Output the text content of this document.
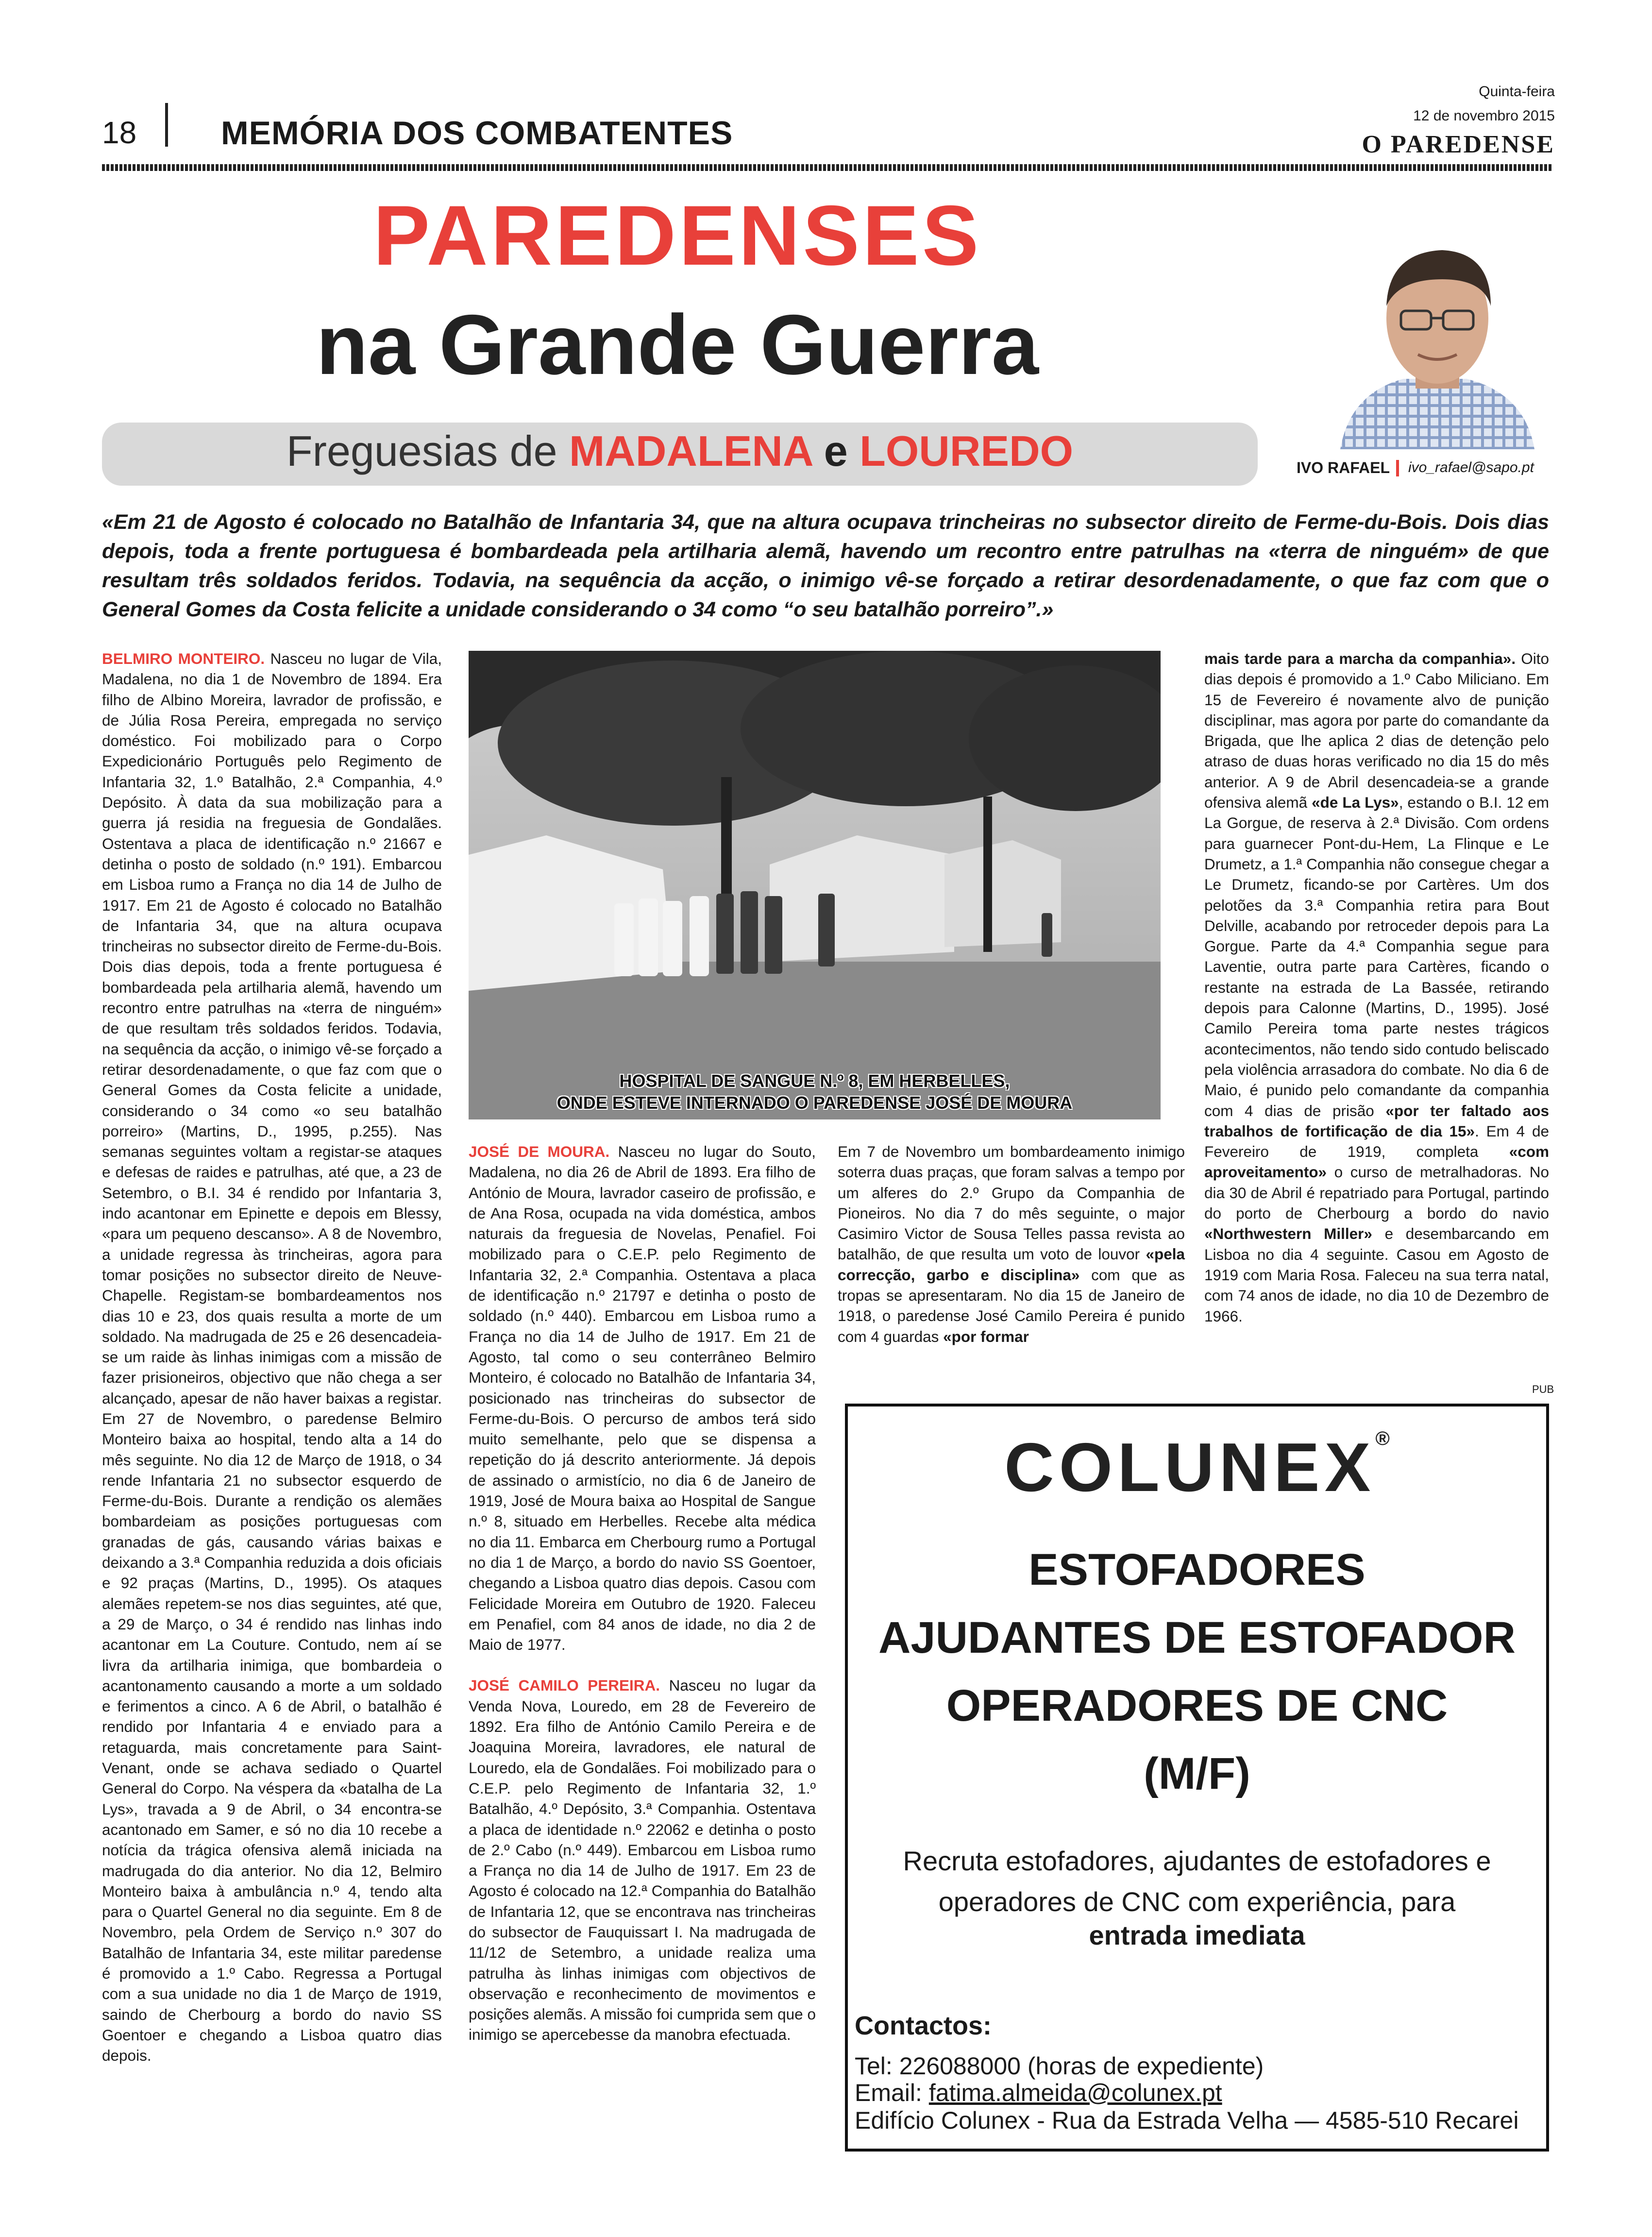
18	MEMÓRIA DOS COMBATENTES
Quinta-feira
12 de novembro 2015
O PAREDENSE
PAREDENSES
na Grande Guerra
Freguesias de MADALENA e LOUREDO	IVO RAFAEL ivo_rafael@sapo.pt
«Em 21 de Agosto é colocado no Batalhão de Infantaria 34, que na altura ocupava trincheiras no subsector direito de Ferme-du-Bois. Dois dias depois, toda a frente portuguesa é bombardeada pela artilharia alemã, havendo um recontro entre patrulhas na «terra de ninguém» de que resultam três soldados feridos. Todavia, na sequência da acção, o inimigo vê-se forçado a retirar desordenadamente, o que faz com que o General Gomes da Costa felicite a unidade considerando o 34 como “o seu batalhão porreiro”.»

BELMIRO MONTEIRO. Nasceu no lugar de Vila, Madalena, no dia 1 de Novembro de 1894. Era filho de Albino Moreira, lavrador de profissão, e de Júlia Rosa Pereira, empregada no serviço doméstico. Foi mobilizado para o Corpo Expedicionário Português pelo Regimento de Infantaria 32, 1.º Batalhão, 2.ª Companhia, 4.º Depósito. À data da sua mobilização para a guerra já residia na freguesia de Gondalães. Ostentava a placa de identificação n.º 21667 e detinha o posto de soldado (n.º 191). Embarcou em Lisboa rumo a França no dia 14 de Julho de 1917. Em 21 de Agosto é colocado no Batalhão de Infantaria 34, que na altura ocupava trincheiras no subsector direito de Ferme-du-Bois. Dois dias depois, toda a frente portuguesa é bombardeada pela artilharia alemã, havendo um recontro entre patrulhas na «terra de ninguém» de que resultam três soldados feridos. Todavia, na sequência da acção, o inimigo vê-se forçado a retirar desordenadamente, o que faz com que o General Gomes da Costa felicite a unidade, considerando o 34 como «o seu batalhão porreiro» (Martins, D., 1995, p.255). Nas semanas seguintes voltam a registar-se ataques e defesas de raides e patrulhas, até que, a 23 de Setembro, o B.I. 34 é rendido por Infantaria 3, indo acantonar em Epinette e depois em Blessy, «para um pequeno descanso». A 8 de Novembro, a unidade regressa às trincheiras, agora para tomar posições no subsector direito de Neuve-Chapelle. Registam-se bombardeamentos nos dias 10 e 23, dos quais resulta a morte de um soldado. Na madrugada de 25 e 26 desencadeia-se um raide às linhas inimigas com a missão de fazer prisioneiros, objectivo que não chega a ser alcançado, apesar de não haver baixas a registar. Em 27 de Novembro, o paredense Belmiro Monteiro baixa ao hospital, tendo alta a 14 do mês seguinte. No dia 12 de Março de 1918, o 34 rende Infantaria 21 no subsector esquerdo de Ferme-du-Bois. Durante a rendição os alemães bombardeiam as posições portuguesas com granadas de gás, causando várias baixas e deixando a 3.ª Companhia reduzida a dois oficiais e 92 praças (Martins, D., 1995). Os ataques alemães repetem-se nos dias seguintes, até que, a 29 de Março, o 34 é rendido nas linhas indo acantonar em La Couture. Contudo, nem aí se livra da artilharia inimiga, que bombardeia o acantonamento causando a morte a um soldado e ferimentos a cinco. A 6 de Abril, o batalhão é rendido por Infantaria 4 e enviado para a retaguarda, mais concretamente para Saint-Venant, onde se achava sediado o Quartel General do Corpo. Na véspera da «batalha de La Lys», travada a 9 de Abril, o 34 encontra-se acantonado em Samer, e só no dia 10 recebe a notícia da trágica ofensiva alemã iniciada na madrugada do dia anterior. No dia 12, Belmiro Monteiro baixa à ambulância n.º 4, tendo alta para o Quartel General no dia seguinte. Em 8 de Novembro, pela Ordem de Serviço n.º 307 do Batalhão de Infantaria 34, este militar paredense é promovido a 1.º Cabo. Regressa a Portugal com a sua unidade no dia 1 de Março de 1919, saindo de Cherbourg a bordo do navio SS Goentoer e chegando a Lisboa quatro dias depois.

HOSPITAL DE SANGUE N.º 8, EM HERBELLES,
ONDE ESTEVE INTERNADO O PAREDENSE JOSÉ DE MOURA

JOSÉ DE MOURA. Nasceu no lugar do Souto, Madalena, no dia 26 de Abril de 1893. Era filho de António de Moura, lavrador caseiro de profissão, e de Ana Rosa, ocupada na vida doméstica, ambos naturais da freguesia de Novelas, Penafiel. Foi mobilizado para o C.E.P. pelo Regimento de Infantaria 32, 2.ª Companhia. Ostentava a placa de identificação n.º 21797 e detinha o posto de soldado (n.º 440). Embarcou em Lisboa rumo a França no dia 14 de Julho de 1917. Em 21 de Agosto, tal como o seu conterrâneo Belmiro Monteiro, é colocado no Batalhão de Infantaria 34, posicionado nas trincheiras do subsector de Ferme-du-Bois. O percurso de ambos terá sido muito semelhante, pelo que se dispensa a repetição do já descrito anteriormente. Já depois de assinado o armistício, no dia 6 de Janeiro de 1919, José de Moura baixa ao Hospital de Sangue n.º 8, situado em Herbelles. Recebe alta médica no dia 11. Embarca em Cherbourg rumo a Portugal no dia 1 de Março, a bordo do navio SS Goentoer, chegando a Lisboa quatro dias depois. Casou com Felicidade Moreira em Outubro de 1920. Faleceu em Penafiel, com 84 anos de idade, no dia 2 de Maio de 1977.

JOSÉ CAMILO PEREIRA. Nasceu no lugar da Venda Nova, Louredo, em 28 de Fevereiro de 1892. Era filho de António Camilo Pereira e de Joaquina Moreira, lavradores, ele natural de Louredo, ela de Gondalães. Foi mobilizado para o C.E.P. pelo Regimento de Infantaria 32, 1.º Batalhão, 4.º Depósito, 3.ª Companhia. Ostentava a placa de identidade n.º 22062 e detinha o posto de 2.º Cabo (n.º 449). Embarcou em Lisboa rumo a França no dia 14 de Julho de 1917. Em 23 de Agosto é colocado na 12.ª Companhia do Batalhão de Infantaria 12, que se encontrava nas trincheiras do subsector de Fauquissart I. Na madrugada de 11/12 de Setembro, a unidade realiza uma patrulha às linhas inimigas com objectivos de observação e reconhecimento de movimentos e posições alemãs. A missão foi cumprida sem que o inimigo se apercebesse da manobra efectuada.

Em 7 de Novembro um bombardeamento inimigo soterra duas praças, que foram salvas a tempo por um alferes do 2.º Grupo da Companhia de Pioneiros. No dia 7 do mês seguinte, o major Casimiro Victor de Sousa Telles passa revista ao batalhão, de que resulta um voto de louvor «pela correcção, garbo e disciplina» com que as tropas se apresentaram. No dia 15 de Janeiro de 1918, o paredense José Camilo Pereira é punido com 4 guardas «por formar

mais tarde para a marcha da companhia». Oito dias depois é promovido a 1.º Cabo Miliciano. Em 15 de Fevereiro é novamente alvo de punição disciplinar, mas agora por parte do comandante da Brigada, que lhe aplica 2 dias de detenção pelo atraso de duas horas verificado no dia 15 do mês anterior. A 9 de Abril desencadeia-se a grande ofensiva alemã «de La Lys», estando o B.I. 12 em La Gorgue, de reserva à 2.ª Divisão. Com ordens para guarnecer Pont-du-Hem, La Flinque e Le Drumetz, a 1.ª Companhia não consegue chegar a Le Drumetz, ficando-se por Cartères. Um dos pelotões da 3.ª Companhia retira para Bout Delville, acabando por retroceder depois para La Gorgue. Parte da 4.ª Companhia segue para Laventie, outra parte para Cartères, ficando o restante na estrada de La Bassée, retirando depois para Calonne (Martins, D., 1995). José Camilo Pereira toma parte nestes trágicos acontecimentos, não tendo sido contudo beliscado pela violência arrasadora do combate. No dia 6 de Maio, é punido pelo comandante da companhia com 4 dias de prisão «por ter faltado aos trabalhos de fortificação de dia 15». Em 4 de Fevereiro de 1919, completa «com aproveitamento» o curso de metralhadoras. No dia 30 de Abril é repatriado para Portugal, partindo do porto de Cherbourg a bordo do navio «Northwestern Miller» e desembarcando em Lisboa no dia 4 seguinte. Casou em Agosto de 1919 com Maria Rosa. Faleceu na sua terra natal, com 74 anos de idade, no dia 10 de Dezembro de 1966.

PUB
COLUNEX®
ESTOFADORES
AJUDANTES DE ESTOFADOR
OPERADORES DE CNC
(M/F)
Recruta estofadores, ajudantes de estofadores e operadores de CNC com experiência, para
entrada imediata
Contactos:
Tel: 226088000 (horas de expediente)
Email: fatima.almeida@colunex.pt
Edifício Colunex - Rua da Estrada Velha — 4585-510 Recarei
